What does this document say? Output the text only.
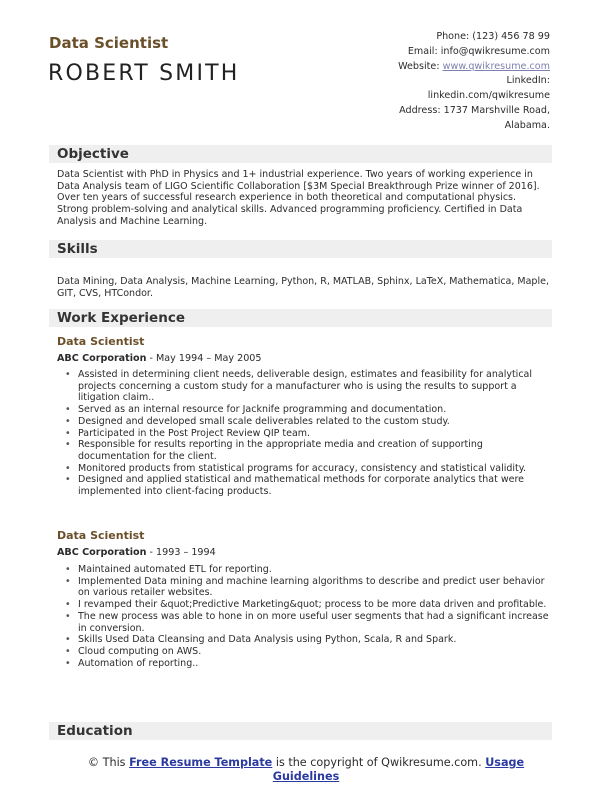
Data Scientist
ROBERT SMITH
Phone: (123) 456 78 99
Email: info@qwikresume.com
Website: www.qwikresume.com
LinkedIn:
linkedin.com/qwikresume
Address: 1737 Marshville Road,
Alabama.
Objective
Data Scientist with PhD in Physics and 1+ industrial experience. Two years of working experience in Data Analysis team of LIGO Scientific Collaboration [$3M Special Breakthrough Prize winner of 2016]. Over ten years of successful research experience in both theoretical and computational physics. Strong problem-solving and analytical skills. Advanced programming proficiency. Certified in Data Analysis and Machine Learning.
Skills
Data Mining, Data Analysis, Machine Learning, Python, R, MATLAB, Sphinx, LaTeX, Mathematica, Maple, GIT, CVS, HTCondor.
Work Experience
Data Scientist
ABC Corporation - May 1994 – May 2005
• Assisted in determining client needs, deliverable design, estimates and feasibility for analytical projects concerning a custom study for a manufacturer who is using the results to support a litigation claim..
• Served as an internal resource for Jacknife programming and documentation.
• Designed and developed small scale deliverables related to the custom study.
• Participated in the Post Project Review QIP team.
• Responsible for results reporting in the appropriate media and creation of supporting documentation for the client.
• Monitored products from statistical programs for accuracy, consistency and statistical validity.
• Designed and applied statistical and mathematical methods for corporate analytics that were implemented into client-facing products.
Data Scientist
ABC Corporation - 1993 – 1994
• Maintained automated ETL for reporting.
• Implemented Data mining and machine learning algorithms to describe and predict user behavior on various retailer websites.
• I revamped their &quot;Predictive Marketing&quot; process to be more data driven and profitable.
• The new process was able to hone in on more useful user segments that had a significant increase in conversion.
• Skills Used Data Cleansing and Data Analysis using Python, Scala, R and Spark.
• Cloud computing on AWS.
• Automation of reporting..
Education
© This Free Resume Template is the copyright of Qwikresume.com. Usage Guidelines
